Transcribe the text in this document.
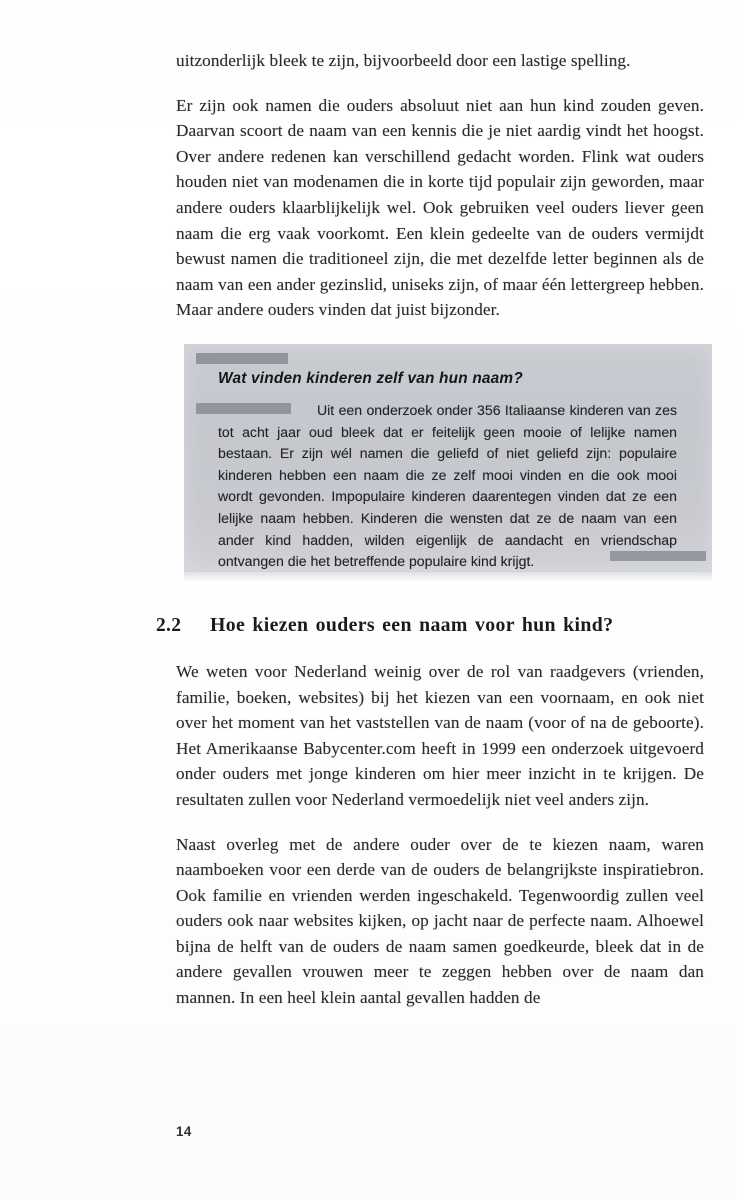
uitzonderlijk bleek te zijn, bijvoorbeeld door een lastige spelling.

Er zijn ook namen die ouders absoluut niet aan hun kind zouden geven. Daarvan scoort de naam van een kennis die je niet aardig vindt het hoogst. Over andere redenen kan verschillend gedacht worden. Flink wat ouders houden niet van modenamen die in korte tijd populair zijn geworden, maar andere ouders klaarblijkelijk wel. Ook gebruiken veel ouders liever geen naam die erg vaak voorkomt. Een klein gedeelte van de ouders vermijdt bewust namen die traditioneel zijn, die met dezelfde letter beginnen als de naam van een ander gezinslid, uniseks zijn, of maar één lettergreep hebben. Maar andere ouders vinden dat juist bijzonder.

Wat vinden kinderen zelf van hun naam?
Uit een onderzoek onder 356 Italiaanse kinderen van zes tot acht jaar oud bleek dat er feitelijk geen mooie of lelijke namen bestaan. Er zijn wél namen die geliefd of niet geliefd zijn: populaire kinderen hebben een naam die ze zelf mooi vinden en die ook mooi wordt gevonden. Impopulaire kinderen daarentegen vinden dat ze een lelijke naam hebben. Kinderen die wensten dat ze de naam van een ander kind hadden, wilden eigenlijk de aandacht en vriendschap ontvangen die het betreffende populaire kind krijgt.
2.2	Hoe kiezen ouders een naam voor hun kind?

We weten voor Nederland weinig over de rol van raadgevers (vrienden, familie, boeken, websites) bij het kiezen van een voornaam, en ook niet over het moment van het vaststellen van de naam (voor of na de geboorte). Het Amerikaanse Babycenter.com heeft in 1999 een onderzoek uitgevoerd onder ouders met jonge kinderen om hier meer inzicht in te krijgen. De resultaten zullen voor Nederland vermoedelijk niet veel anders zijn.

Naast overleg met de andere ouder over de te kiezen naam, waren naamboeken voor een derde van de ouders de belangrijkste inspiratiebron. Ook familie en vrienden werden ingeschakeld. Tegenwoordig zullen veel ouders ook naar websites kijken, op jacht naar de perfecte naam. Alhoewel bijna de helft van de ouders de naam samen goedkeurde, bleek dat in de andere gevallen vrouwen meer te zeggen hebben over de naam dan mannen. In een heel klein aantal gevallen hadden de

14
